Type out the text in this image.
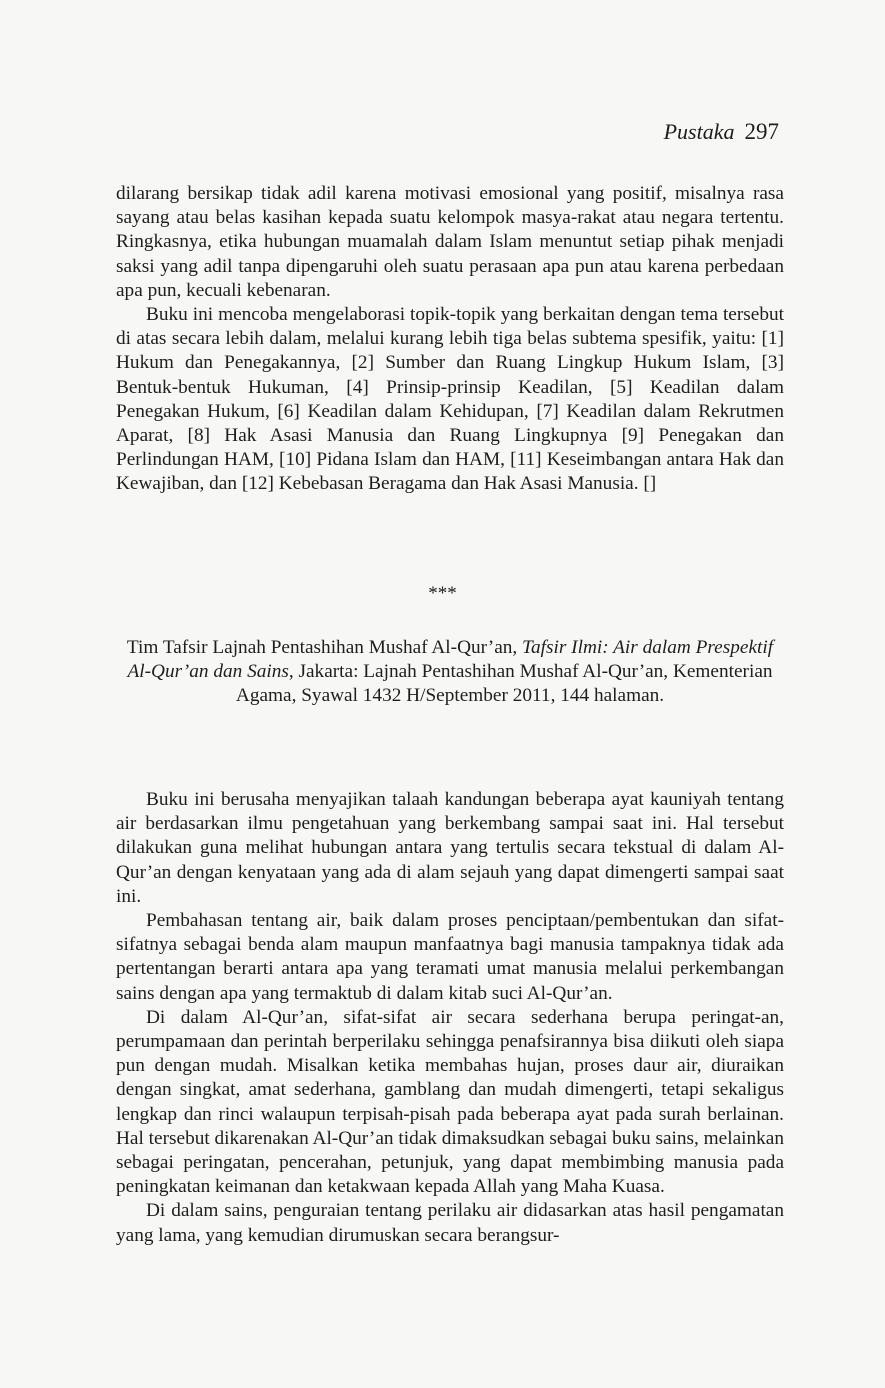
Pustaka 297

dilarang bersikap tidak adil karena motivasi emosional yang positif, misalnya rasa sayang atau belas kasihan kepada suatu kelompok masya-rakat atau negara tertentu. Ringkasnya, etika hubungan muamalah dalam Islam menuntut setiap pihak menjadi saksi yang adil tanpa dipengaruhi oleh suatu perasaan apa pun atau karena perbedaan apa pun, kecuali kebenaran.

Buku ini mencoba mengelaborasi topik-topik yang berkaitan dengan tema tersebut di atas secara lebih dalam, melalui kurang lebih tiga belas subtema spesifik, yaitu: [1] Hukum dan Penegakannya, [2] Sumber dan Ruang Lingkup Hukum Islam, [3] Bentuk-bentuk Hukuman, [4] Prinsip-prinsip Keadilan, [5] Keadilan dalam Penegakan Hukum, [6] Keadilan dalam Kehidupan, [7] Keadilan dalam Rekrutmen Aparat, [8] Hak Asasi Manusia dan Ruang Lingkupnya [9] Penegakan dan Perlindungan HAM, [10] Pidana Islam dan HAM, [11] Keseimbangan antara Hak dan Kewajiban, dan [12] Kebebasan Beragama dan Hak Asasi Manusia. []

***
Tim Tafsir Lajnah Pentashihan Mushaf Al-Qur’an, Tafsir Ilmi: Air dalam Prespektif Al-Qur’an dan Sains, Jakarta: Lajnah Pentashihan Mushaf Al-Qur’an, Kementerian Agama, Syawal 1432 H/September 2011, 144 halaman.

Buku ini berusaha menyajikan talaah kandungan beberapa ayat kauniyah tentang air berdasarkan ilmu pengetahuan yang berkembang sampai saat ini. Hal tersebut dilakukan guna melihat hubungan antara yang tertulis secara tekstual di dalam Al-Qur’an dengan kenyataan yang ada di alam sejauh yang dapat dimengerti sampai saat ini.

Pembahasan tentang air, baik dalam proses penciptaan/pembentukan dan sifat-sifatnya sebagai benda alam maupun manfaatnya bagi manusia tampaknya tidak ada pertentangan berarti antara apa yang teramati umat manusia melalui perkembangan sains dengan apa yang termaktub di dalam kitab suci Al-Qur’an.

Di dalam Al-Qur’an, sifat-sifat air secara sederhana berupa peringat-an, perumpamaan dan perintah berperilaku sehingga penafsirannya bisa diikuti oleh siapa pun dengan mudah. Misalkan ketika membahas hujan, proses daur air, diuraikan dengan singkat, amat sederhana, gamblang dan mudah dimengerti, tetapi sekaligus lengkap dan rinci walaupun terpisah-pisah pada beberapa ayat pada surah berlainan. Hal tersebut dikarenakan Al-Qur’an tidak dimaksudkan sebagai buku sains, melainkan sebagai peringatan, pencerahan, petunjuk, yang dapat membimbing manusia pada peningkatan keimanan dan ketakwaan kepada Allah yang Maha Kuasa.

Di dalam sains, penguraian tentang perilaku air didasarkan atas hasil pengamatan yang lama, yang kemudian dirumuskan secara berangsur-
